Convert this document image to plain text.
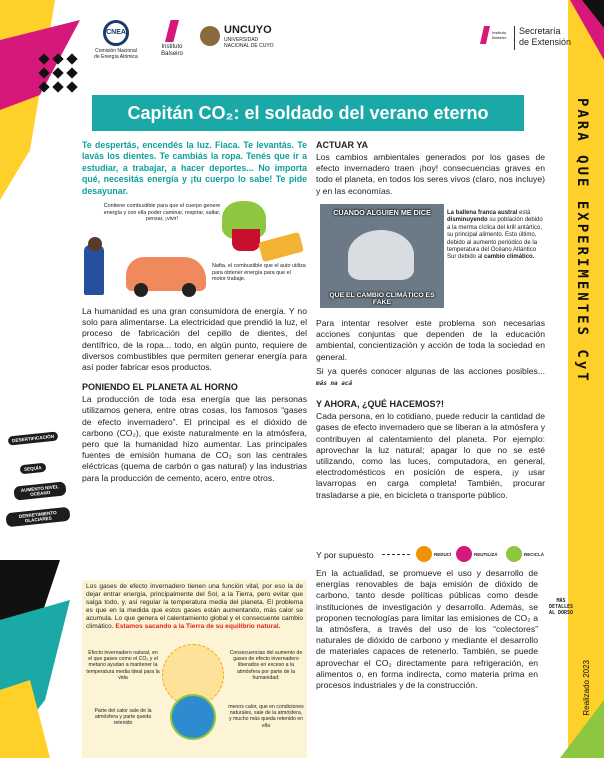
PARA QUE EXPERIMENTES CyT
Realizado 2023
CNEA
Comisión Nacional
de Energía Atómica
Instituto
Balseiro
UNCUYO
UNIVERSIDAD
NACIONAL DE CUYO
Instituto
Balseiro
Secretaría
de Extensión
Capitán CO₂: el soldado del verano eterno

Te despertás, encendés la luz. Fiaca. Te levantás. Te lavás los dientes. Te cambiás la ropa. Tenés que ir a estudiar, a trabajar, a hacer deportes... No importa qué, necesitás energía y ¡tu cuerpo lo sabe! Te pide desayunar.

Contiene combustible para que el cuerpo genere energía y con ella poder caminar, respirar, saltar, pensar, ¡vivir!
Nafta, el combustible que el auto utiliza para obtener energía para que el motor trabaje.

La humanidad es una gran consumidora de energía. Y no solo para alimentarse. La electricidad que prendió la luz, el proceso de fabricación del cepillo de dientes, del dentífrico, de la ropa... todo, en algún punto, requiere de diversos combustibles que permiten generar energía para así poder fabricar esos productos.

PONIENDO EL PLANETA AL HORNO

La producción de toda esa energía que las personas utilizamos genera, entre otras cosas, los famosos “gases de efecto invernadero”. El principal es el dióxido de carbono (CO₂), que existe naturalmente en la atmósfera, pero que la humanidad hizo aumentar. Las principales fuentes de emisión humana de CO₂ son las centrales eléctricas (quema de carbón o gas natural) y las industrias para la producción de cemento, acero, entre otros.

DESERTIFICACIÓN
SEQUÍA
AUMENTO NIVEL OCÉANO
DERRETIMIENTO GLACIARES
Los gases de efecto invernadero tienen una función vital, por eso la de dejar entrar energía, principalmente del Sol, a la Tierra, pero evitar que salga todo, y, así regular la temperatura media del planeta. El problema es que en la medida que estos gases están aumentando, más calor se acumula. Lo que genera el calentamiento global y el consecuente cambio climático. Estamos sacando a la Tierra de su equilibrio natural.
Efecto invernadero natural, en el que gases como el CO₂ y el metano ayudan a mantener la temperatura media ideal para la vida
Parte del calor sale de la atmósfera y parte queda retenido
Consecuencias del aumento de gases de efecto invernadero liberados en exceso a la atmósfera por parte de la humanidad:
menos calor, que en condiciones naturales, sale de la atmósfera, y mucho más queda retenido en ella
ACTUAR YA

Los cambios ambientales generados por los gases de efecto invernadero traen ¡hoy! consecuencias graves en todo el planeta, en todos los seres vivos (claro, nos incluye) y en las economías.

CUANDO ALGUIEN ME DICE
QUE EL CAMBIO CLIMÁTICO ES FAKE
La ballena franca austral está disminuyendo su población debido a la merma cíclica del krill antártico, su principal alimento. Esto último, debido al aumento periódico de la temperatura del Océano Atlántico Sur debido al cambio climático.

Para intentar resolver este problema son necesarias acciones conjuntas que dependen de la educación ambiental, concientización y acción de toda la sociedad en general.

Si ya querés conocer algunas de las acciones posibles... más na acá

Y AHORA, ¿QUÉ HACEMOS?!

Cada persona, en lo cotidiano, puede reducir la cantidad de gases de efecto invernadero que se liberan a la atmósfera y contribuyen al calentamiento del planeta. Por ejemplo: aprovechar la luz natural; apagar lo que no se esté utilizando, como las luces, computadora, en general, electrodomésticos en posición de espera, ¡y usar lavarropas en carga completa! También, procurar trasladarse a pie, en bicicleta o transporte público.

Y por supuesto	REDUCÍ	REUTILIZÁ	RECICLÁ

En la actualidad, se promueve el uso y desarrollo de energías renovables de baja emisión de dióxido de carbono, tanto desde políticas públicas como desde instituciones de investigación y desarrollo. Además, se proponen tecnologías para limitar las emisiones de CO₂ a la atmósfera, a través del uso de los “colectores” naturales de dióxido de carbono y mediante el desarrollo de materiales capaces de retenerlo. También, se puede aprovechar el CO₂ directamente para refrigeración, en alimentos o, en forma indirecta, como materia prima en procesos industriales y de la construcción.

MÁS DETALLES AL DORSO
